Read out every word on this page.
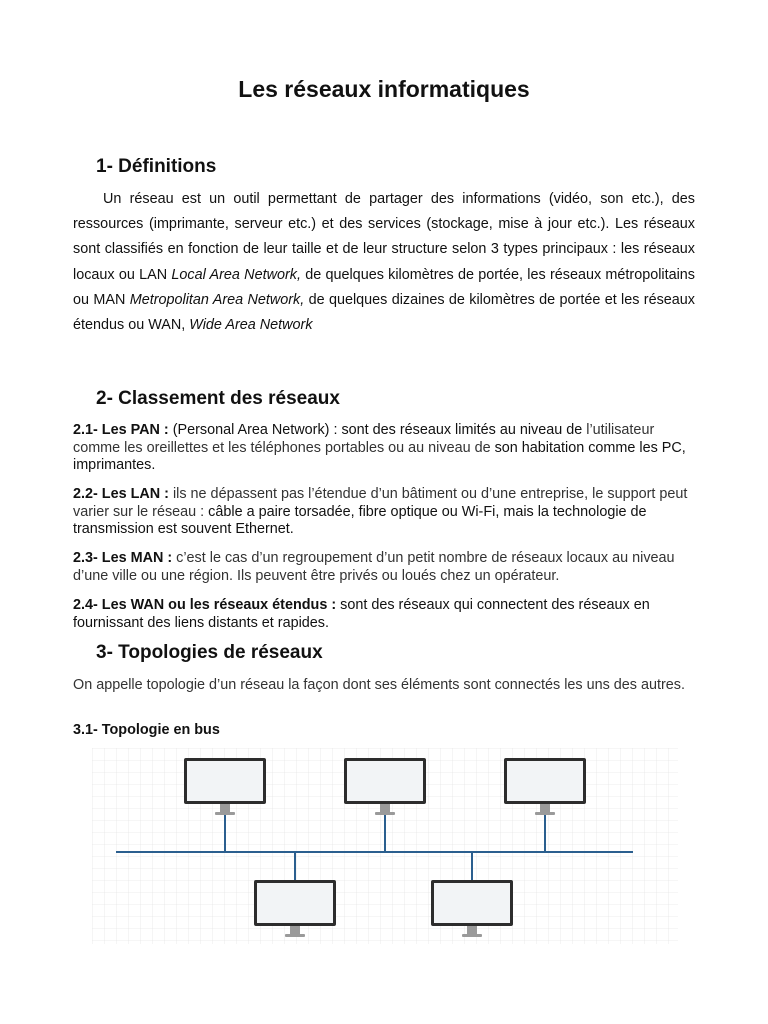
Les réseaux informatiques
1- Définitions

Un réseau est un outil permettant de partager des informations (vidéo, son etc.), des ressources (imprimante, serveur etc.) et des services (stockage, mise à jour etc.). Les réseaux sont classifiés en fonction de leur taille et de leur structure selon 3 types principaux : les réseaux locaux ou LAN Local Area Network, de quelques kilomètres de portée, les réseaux métropolitains ou MAN Metropolitan Area Network, de quelques dizaines de kilomètres de portée et les réseaux étendus ou WAN, Wide Area Network

2- Classement des réseaux

2.1- Les PAN : (Personal Area Network) : sont des réseaux limités au niveau de l’utilisateur comme les oreillettes et les téléphones portables ou au niveau de son habitation comme les PC, imprimantes.

2.2- Les LAN : ils ne dépassent pas l’étendue d’un bâtiment ou d’une entreprise, le support peut varier sur le réseau : câble a paire torsadée, fibre optique ou Wi-Fi, mais la technologie de transmission est souvent Ethernet.

2.3- Les MAN : c’est le cas d’un regroupement d’un petit nombre de réseaux locaux au niveau d’une ville ou une région. Ils peuvent être privés ou loués chez un opérateur.

2.4- Les WAN ou les réseaux étendus : sont des réseaux qui connectent des réseaux en fournissant des liens distants et rapides.

3- Topologies de réseaux

On appelle topologie d’un réseau la façon dont ses éléments sont connectés les uns des autres.

3.1- Topologie en bus
